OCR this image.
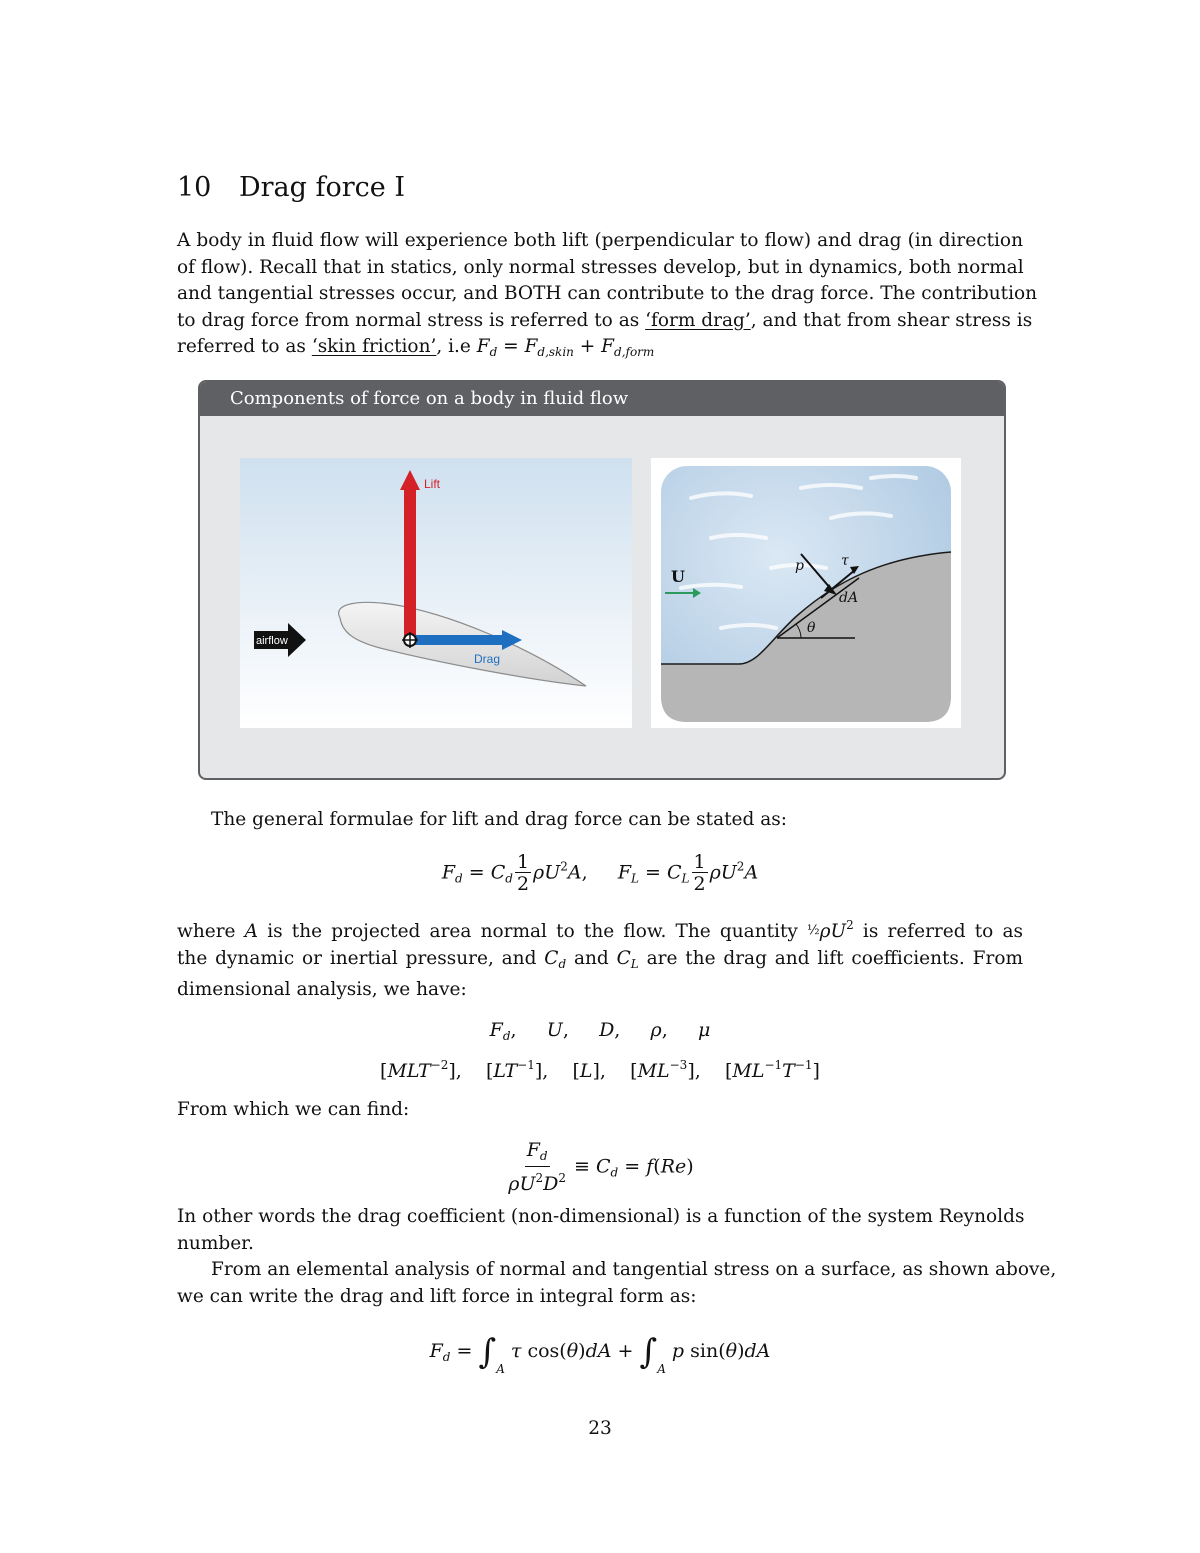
10 Drag force I
A body in fluid flow will experience both lift (perpendicular to flow) and drag (in direction
of flow). Recall that in statics, only normal stresses develop, but in dynamics, both normal
and tangential stresses occur, and BOTH can contribute to the drag force. The contribution
to drag force from normal stress is referred to as ‘form drag’, and that from shear stress is
referred to as ‘skin friction’, i.e $F_d = F_{d,skin} + F_{d,form}$
Components of force on a body in fluid flow
Lift
Drag
airflow
U
p	τ
dA
θ
The general formulae for lift and drag force can be stated as:
$F_d = C_d \frac{1}{2} \rho U^2A$,     $F_L = C_L \frac{1}{2} \rho U^2A$
where A is the projected area normal to the flow. The quantity $\frac{1}{2}\rho U^2$ is referred to as
the dynamic or inertial pressure, and $C_d$ and $C_L$ are the drag and lift coefficients. From
dimensional analysis, we have:
$F_d$,     U,     D,     ρ,     μ
$[MLT^{-2}]$,    $[LT^{-1}]$,    [L],    $[ML^{-3}]$,    $[ML^{-1}T^{-1}]$
From which we can find:
$\frac{F_d}{\rho U^2D^2} \equiv C_d = f(Re)$
In other words the drag coefficient (non-dimensional) is a function of the system Reynolds
number.
From an elemental analysis of normal and tangential stress on a surface, as shown above,
we can write the drag and lift force in integral form as:
$F_d = \int_A$ τ $\cos(\theta)dA + \int_A$ p sin(θ)dA
23
